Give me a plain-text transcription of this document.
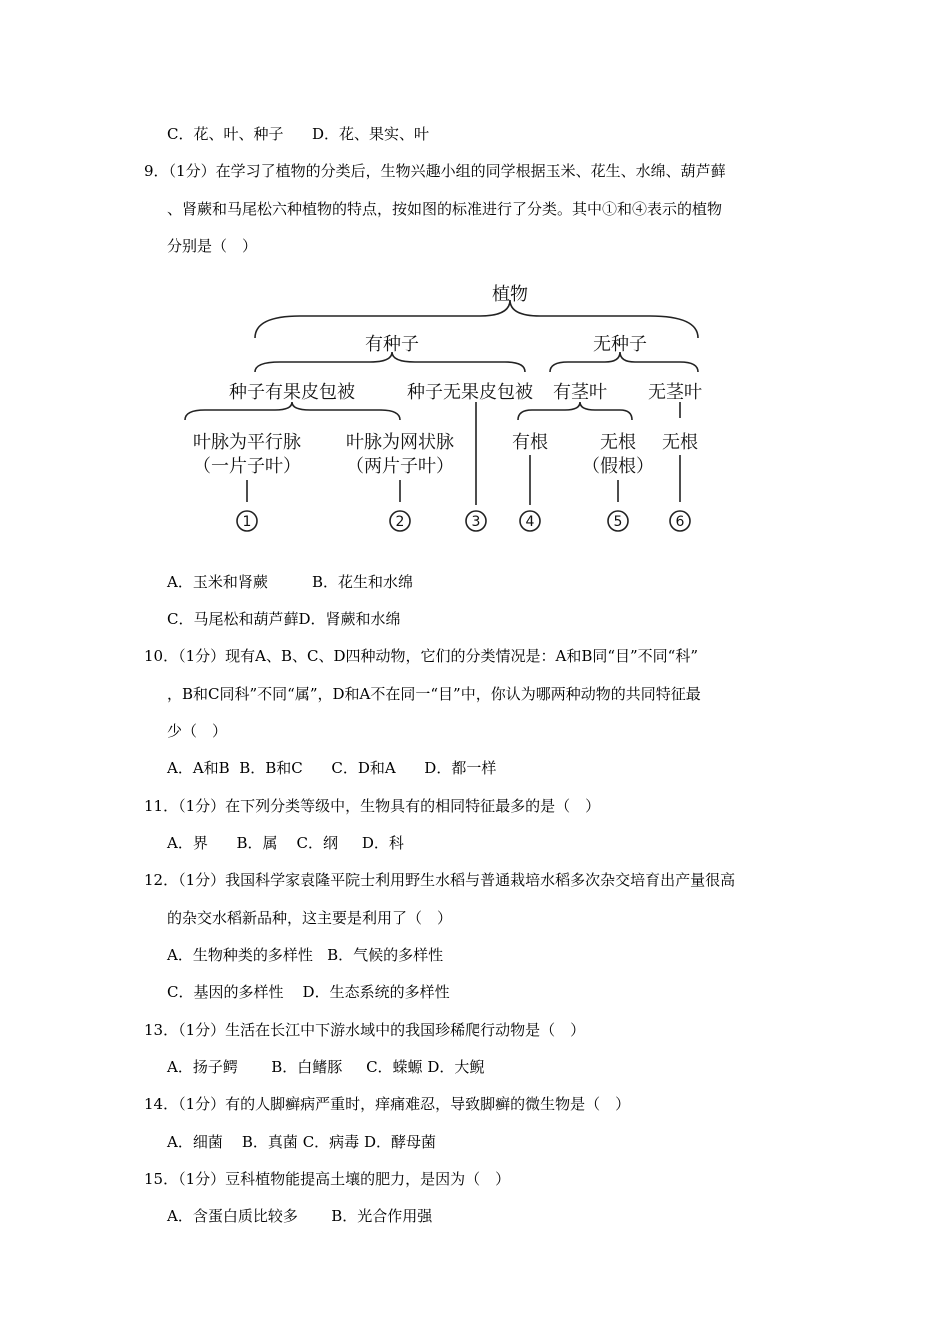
C．花、叶、种子 D．花、果实、叶
9．（1分）在学习了植物的分类后，生物兴趣小组的同学根据玉米、花生、水绵、葫芦藓
、肾蕨和马尾松六种植物的特点，按如图的标准进行了分类。其中①和④表示的植物
分别是（　）
植物
有种子	无种子
种子有果皮包被	种子无果皮包被 有茎叶 无茎叶
叶脉为平行脉
（一片子叶）
叶脉为网状脉
（两片子叶）
有根	无根
（假根）
无根
1	2	3	4	5	6
A．玉米和肾蕨	B．花生和水绵
C．马尾松和葫芦藓D．肾蕨和水绵
10．（1分）现有A、B、C、D四种动物，它们的分类情况是：A和B同“目”不同“科”
，B和C同科”不同“属”，D和A不在同一“目”中，你认为哪两种动物的共同特征最
少（　）
A．A和B  B．B和C      C．D和A      D．都一样
11．（1分）在下列分类等级中，生物具有的相同特征最多的是（　）
A．界      B．属    C．纲     D．科
12．（1分）我国科学家袁隆平院士利用野生水稻与普通栽培水稻多次杂交培育出产量很高
的杂交水稻新品种，这主要是利用了（　）
A．生物种类的多样性   B．气候的多样性
C．基因的多样性    D．生态系统的多样性
13．（1分）生活在长江中下游水域中的我国珍稀爬行动物是（　）
A．扬子鳄       B．白鳍豚     C．蝾螈 D．大鲵
14．（1分）有的人脚癣病严重时，痒痛难忍，导致脚癣的微生物是（　）
A．细菌    B．真菌 C．病毒 D．酵母菌
15．（1分）豆科植物能提高土壤的肥力，是因为（　）
A．含蛋白质比较多       B．光合作用强
